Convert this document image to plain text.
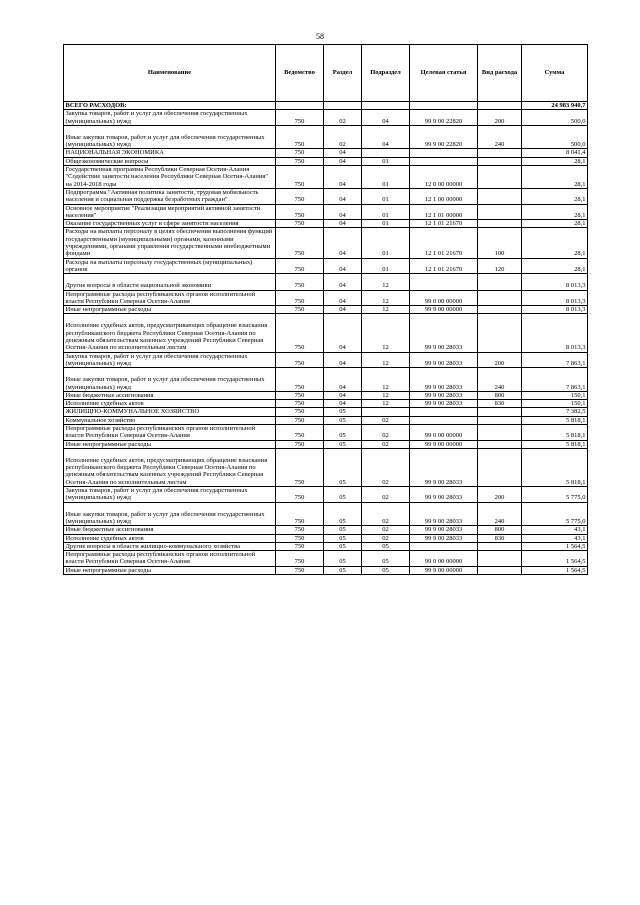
58
Наименование	Ведомство	Раздел	Подраздел	Целевая статья	Вид расхода	Сумма
ВСЕГО РАСХОДОВ:						24 983 940,7
Закупка товаров, работ и услуг для обеспечения государственных (муниципальных) нужд	750	02	04	99 9 00 22820	200	500,0
Иные закупки товаров, работ и услуг для обеспечения государственных (муниципальных) нужд	750	02	04	99 9 00 22820	240	500,0
НАЦИОНАЛЬНАЯ ЭКОНОМИКА	750	04				8 041,4
Общеэкономические вопросы	750	04	01			28,1
Государственная программа Республики Северная Осетия-Алания "Содействие занятости населения Республики Северная Осетия-Алания" на 2014-2018 годы	750	04	01	12 0 00 00000		28,1
Подпрограмма "Активная политика занятости, трудовая мобильность населения и социальная поддержка безработных граждан"	750	04	01	12 1 00 00000		28,1
Основное мероприятие "Реализация мероприятий активной занятости населения"	750	04	01	12 1 01 00000		28,1
Оказание государственных услуг в сфере занятости населения	750	04	01	12 1 01 21670		28,1
Расходы на выплаты персоналу в целях обеспечения выполнения функций государственными (муниципальными) органами, казенными учреждениями, органами управления государственными внебюджетными фондами	750	04	01	12 1 01 21670	100	28,1
Расходы на выплаты персоналу государственных (муниципальных) органов	750	04	01	12 1 01 21670	120	28,1
Другие вопросы в области национальной экономики	750	04	12			8 013,3
Непрограммные расходы республиканских органов исполнительной власти Республики Северная Осетия-Алания	750	04	12	99 0 00 00000		8 013,3
Иные непрограммные расходы	750	04	12	99 9 00 00000		8 013,3
Исполнение судебных актов, предусматривающих обращение взыскания республиканского бюджета Республики Северная Осетия-Алания по денежным обязательствам казенных учреждений Республики Северная Осетия-Алания по исполнительным листам	750	04	12	99 9 00 28033		8 013,3
Закупка товаров, работ и услуг для обеспечения государственных (муниципальных) нужд	750	04	12	99 9 00 28033	200	7 863,1
Иные закупки товаров, работ и услуг для обеспечения государственных (муниципальных) нужд	750	04	12	99 9 00 28033	240	7 863,1
Иные бюджетные ассигнования	750	04	12	99 9 00 28033	800	150,1
Исполнение судебных актов	750	04	12	99 9 00 28033	830	150,1
ЖИЛИЩНО-КОММУНАЛЬНОЕ ХОЗЯЙСТВО	750	05				7 382,5
Коммунальное хозяйство	750	05	02			5 818,1
Непрограммные расходы республиканских органов исполнительной власти Республики Северная Осетия-Алания	750	05	02	99 0 00 00000		5 818,1
Иные непрограммные расходы	750	05	02	99 9 00 00000		5 818,1
Исполнение судебных актов, предусматривающих обращение взыскания республиканского бюджета Республики Северная Осетия-Алания по денежным обязательствам казенных учреждений Республики Северная Осетия-Алания по исполнительным листам	750	05	02	99 9 00 28033		5 818,1
Закупка товаров, работ и услуг для обеспечения государственных (муниципальных) нужд	750	05	02	99 9 00 28033	200	5 775,0
Иные закупки товаров, работ и услуг для обеспечения государственных (муниципальных) нужд	750	05	02	99 9 00 28033	240	5 775,0
Иные бюджетные ассигнования	750	05	02	99 9 00 28033	800	43,1
Исполнение судебных актов	750	05	02	99 9 00 28033	830	43,1
Другие вопросы в области жилищно-коммунального хозяйства	750	05	05			1 564,5
Непрограммные расходы республиканских органов исполнительной власти Республики Северная Осетия-Алания	750	05	05	99 0 00 00000		1 564,5
Иные непрограммные расходы	750	05	05	99 9 00 00000		1 564,5
